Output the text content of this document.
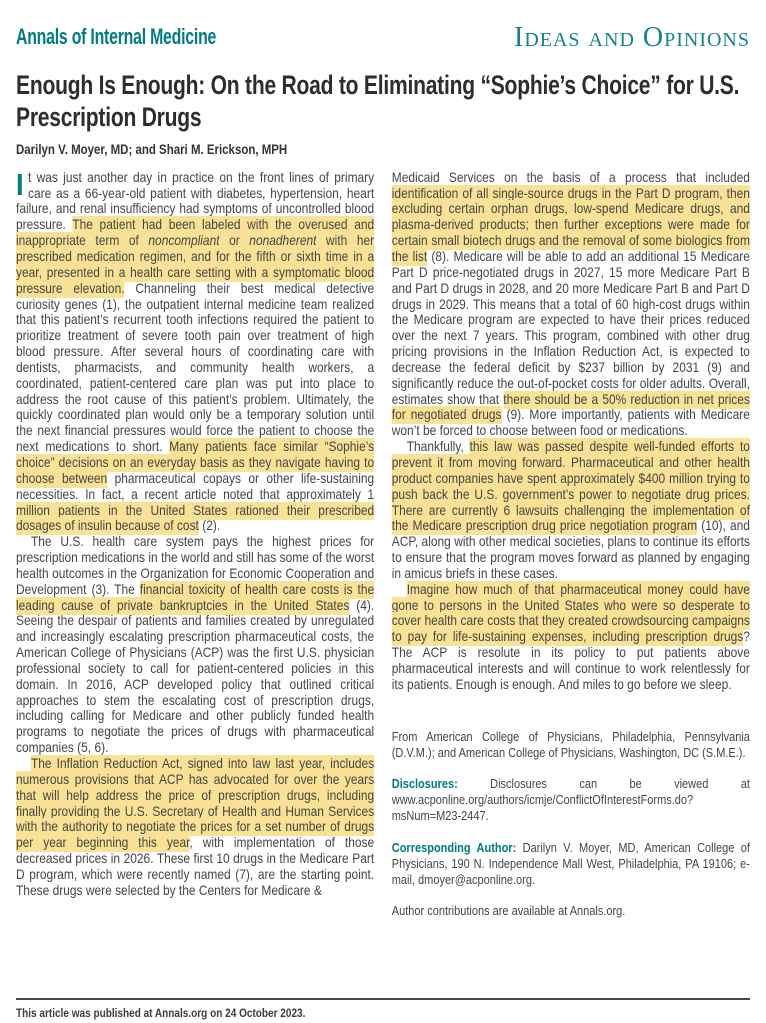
Annals of Internal Medicine	Ideas and Opinions
Enough Is Enough: On the Road to Eliminating “Sophie’s Choice” for U.S. Prescription Drugs
Darilyn V. Moyer, MD; and Shari M. Erickson, MPH

It was just another day in practice on the front lines of primary care as a 66-year-old patient with diabetes, hypertension, heart failure, and renal insufficiency had symptoms of uncontrolled blood pressure. The patient had been labeled with the overused and inappropriate term of noncompliant or nonadherent with her prescribed medication regimen, and for the fifth or sixth time in a year, presented in a health care setting with a symptomatic blood pressure elevation. Channeling their best medical detective curiosity genes (1), the outpatient internal medicine team realized that this patient’s recurrent tooth infections required the patient to prioritize treatment of severe tooth pain over treatment of high blood pressure. After several hours of coordinating care with dentists, pharmacists, and community health workers, a coordinated, patient-centered care plan was put into place to address the root cause of this patient’s problem. Ultimately, the quickly coordinated plan would only be a temporary solution until the next financial pressures would force the patient to choose the next medications to short. Many patients face similar “Sophie’s choice” decisions on an everyday basis as they navigate having to choose between pharmaceutical copays or other life-sustaining necessities. In fact, a recent article noted that approximately 1 million patients in the United States rationed their prescribed dosages of insulin because of cost (2).

The U.S. health care system pays the highest prices for prescription medications in the world and still has some of the worst health outcomes in the Organization for Economic Cooperation and Development (3). The financial toxicity of health care costs is the leading cause of private bankruptcies in the United States (4). Seeing the despair of patients and families created by unregulated and increasingly escalating prescription pharmaceutical costs, the American College of Physicians (ACP) was the first U.S. physician professional society to call for patient-centered policies in this domain. In 2016, ACP developed policy that outlined critical approaches to stem the escalating cost of prescription drugs, including calling for Medicare and other publicly funded health programs to negotiate the prices of drugs with pharmaceutical companies (5, 6).

The Inflation Reduction Act, signed into law last year, includes numerous provisions that ACP has advocated for over the years that will help address the price of prescription drugs, including finally providing the U.S. Secretary of Health and Human Services with the authority to negotiate the prices for a set number of drugs per year beginning this year, with implementation of those decreased prices in 2026. These first 10 drugs in the Medicare Part D program, which were recently named (7), are the starting point. These drugs were selected by the Centers for Medicare &

Medicaid Services on the basis of a process that included identification of all single-source drugs in the Part D program, then excluding certain orphan drugs, low-spend Medicare drugs, and plasma-derived products; then further exceptions were made for certain small biotech drugs and the removal of some biologics from the list (8). Medicare will be able to add an additional 15 Medicare Part D price-negotiated drugs in 2027, 15 more Medicare Part B and Part D drugs in 2028, and 20 more Medicare Part B and Part D drugs in 2029. This means that a total of 60 high-cost drugs within the Medicare program are expected to have their prices reduced over the next 7 years. This program, combined with other drug pricing provisions in the Inflation Reduction Act, is expected to decrease the federal deficit by $237 billion by 2031 (9) and significantly reduce the out-of-pocket costs for older adults. Overall, estimates show that there should be a 50% reduction in net prices for negotiated drugs (9). More importantly, patients with Medicare won’t be forced to choose between food or medications.

Thankfully, this law was passed despite well-funded efforts to prevent it from moving forward. Pharmaceutical and other health product companies have spent approximately $400 million trying to push back the U.S. government’s power to negotiate drug prices. There are currently 6 lawsuits challenging the implementation of the Medicare prescription drug price negotiation program (10), and ACP, along with other medical societies, plans to continue its efforts to ensure that the program moves forward as planned by engaging in amicus briefs in these cases.

Imagine how much of that pharmaceutical money could have gone to persons in the United States who were so desperate to cover health care costs that they created crowdsourcing campaigns to pay for life-sustaining expenses, including prescription drugs? The ACP is resolute in its policy to put patients above pharmaceutical interests and will continue to work relentlessly for its patients. Enough is enough. And miles to go before we sleep.

From American College of Physicians, Philadelphia, Pennsylvania (D.V.M.); and American College of Physicians, Washington, DC (S.M.E.).
Disclosures: Disclosures can be viewed at www.acponline.org/authors/icmje/ConflictOfInterestForms.do?msNum=M23-2447.
Corresponding Author: Darilyn V. Moyer, MD, American College of Physicians, 190 N. Independence Mall West, Philadelphia, PA 19106; e-mail, dmoyer@acponline.org.
Author contributions are available at Annals.org.
This article was published at Annals.org on 24 October 2023.
